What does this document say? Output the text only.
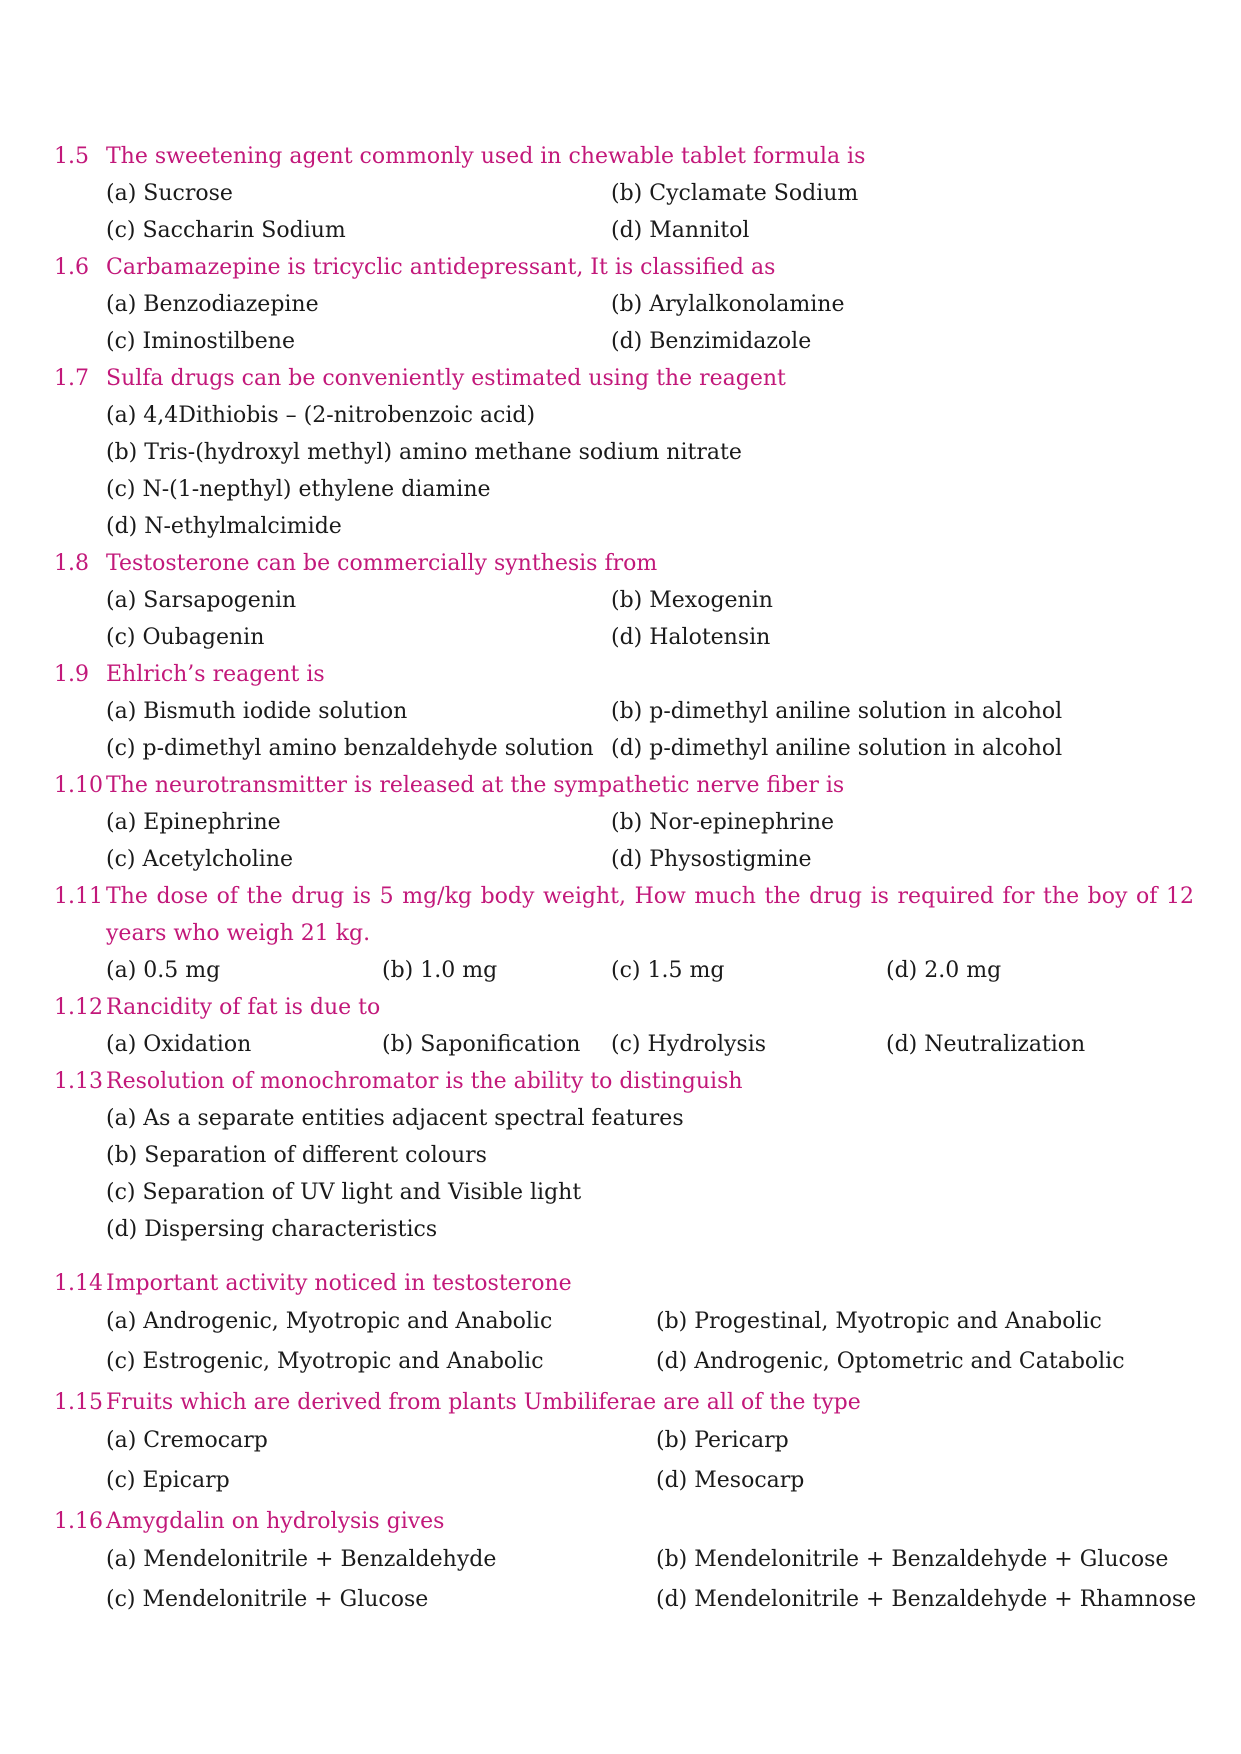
1.5 The sweetening agent commonly used in chewable tablet formula is
(a) Sucrose	(b) Cyclamate Sodium
(c) Saccharin Sodium	(d) Mannitol
1.6 Carbamazepine is tricyclic antidepressant, It is classified as
(a) Benzodiazepine	(b) Arylalkonolamine
(c) Iminostilbene	(d) Benzimidazole
1.7 Sulfa drugs can be conveniently estimated using the reagent
(a) 4,4Dithiobis – (2-nitrobenzoic acid)
(b) Tris-(hydroxyl methyl) amino methane sodium nitrate
(c) N-(1-nepthyl) ethylene diamine
(d) N-ethylmalcimide
1.8 Testosterone can be commercially synthesis from
(a) Sarsapogenin	(b) Mexogenin
(c) Oubagenin	(d) Halotensin
1.9 Ehlrich’s reagent is
(a) Bismuth iodide solution	(b) p-dimethyl aniline solution in alcohol
(c) p-dimethyl amino benzaldehyde solution (d) p-dimethyl aniline solution in alcohol
1.10 The neurotransmitter is released at the sympathetic nerve fiber is
(a) Epinephrine	(b) Nor-epinephrine
(c) Acetylcholine	(d) Physostigmine
1.11 The dose of the drug is 5 mg/kg body weight, How much the drug is required for the boy of 12 years who weigh 21 kg.
(a) 0.5 mg	(b) 1.0 mg	(c) 1.5 mg	(d) 2.0 mg
1.12 Rancidity of fat is due to
(a) Oxidation	(b) Saponification (c) Hydrolysis	(d) Neutralization
1.13 Resolution of monochromator is the ability to distinguish
(a) As a separate entities adjacent spectral features
(b) Separation of different colours
(c) Separation of UV light and Visible light
(d) Dispersing characteristics
1.14 Important activity noticed in testosterone
(a) Androgenic, Myotropic and Anabolic	(b) Progestinal, Myotropic and Anabolic
(c) Estrogenic, Myotropic and Anabolic	(d) Androgenic, Optometric and Catabolic
1.15 Fruits which are derived from plants Umbiliferae are all of the type
(a) Cremocarp	(b) Pericarp
(c) Epicarp	(d) Mesocarp
1.16 Amygdalin on hydrolysis gives
(a) Mendelonitrile + Benzaldehyde	(b) Mendelonitrile + Benzaldehyde + Glucose
(c) Mendelonitrile + Glucose	(d) Mendelonitrile + Benzaldehyde + Rhamnose
